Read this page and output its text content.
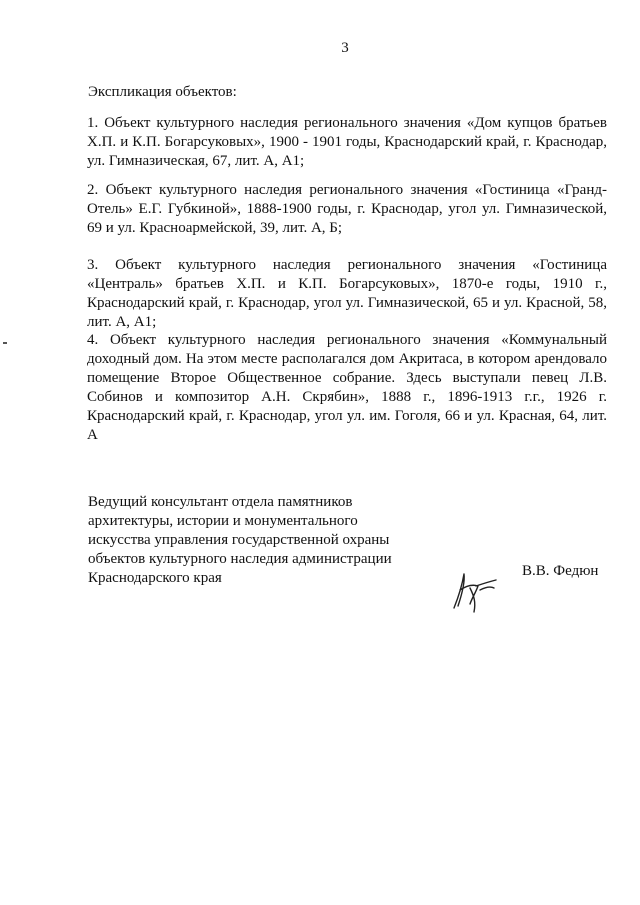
3
Экспликация объектов:
1. Объект культурного наследия регионального значения «Дом купцов братьев Х.П. и К.П. Богарсуковых», 1900 - 1901 годы, Краснодарский край, г. Краснодар, ул. Гимназическая, 67, лит. А, А1;
2. Объект культурного наследия регионального значения «Гостиница «Гранд-Отель» Е.Г. Губкиной», 1888-1900 годы, г. Краснодар, угол ул. Гимназической, 69 и ул. Красноармейской, 39, лит. А, Б;
3. Объект культурного наследия регионального значения «Гостиница «Централь» братьев Х.П. и К.П. Богарсуковых», 1870-е годы, 1910 г., Краснодарский край, г. Краснодар, угол ул. Гимназической, 65 и ул. Красной, 58, лит. А, А1;
4. Объект культурного наследия регионального значения «Коммунальный доходный дом. На этом месте располагался дом Акритаса, в котором арендовало помещение Второе Общественное собрание. Здесь выступали певец Л.В. Собинов и композитор А.Н. Скрябин», 1888 г., 1896-1913 г.г., 1926 г. Краснодарский край, г. Краснодар, угол ул. им. Гоголя, 66 и ул. Красная, 64, лит. А
Ведущий консультант отдела памятников
архитектуры, истории и монументального
искусства управления государственной охраны
объектов культурного наследия администрации
Краснодарского края	В.В. Федюн
